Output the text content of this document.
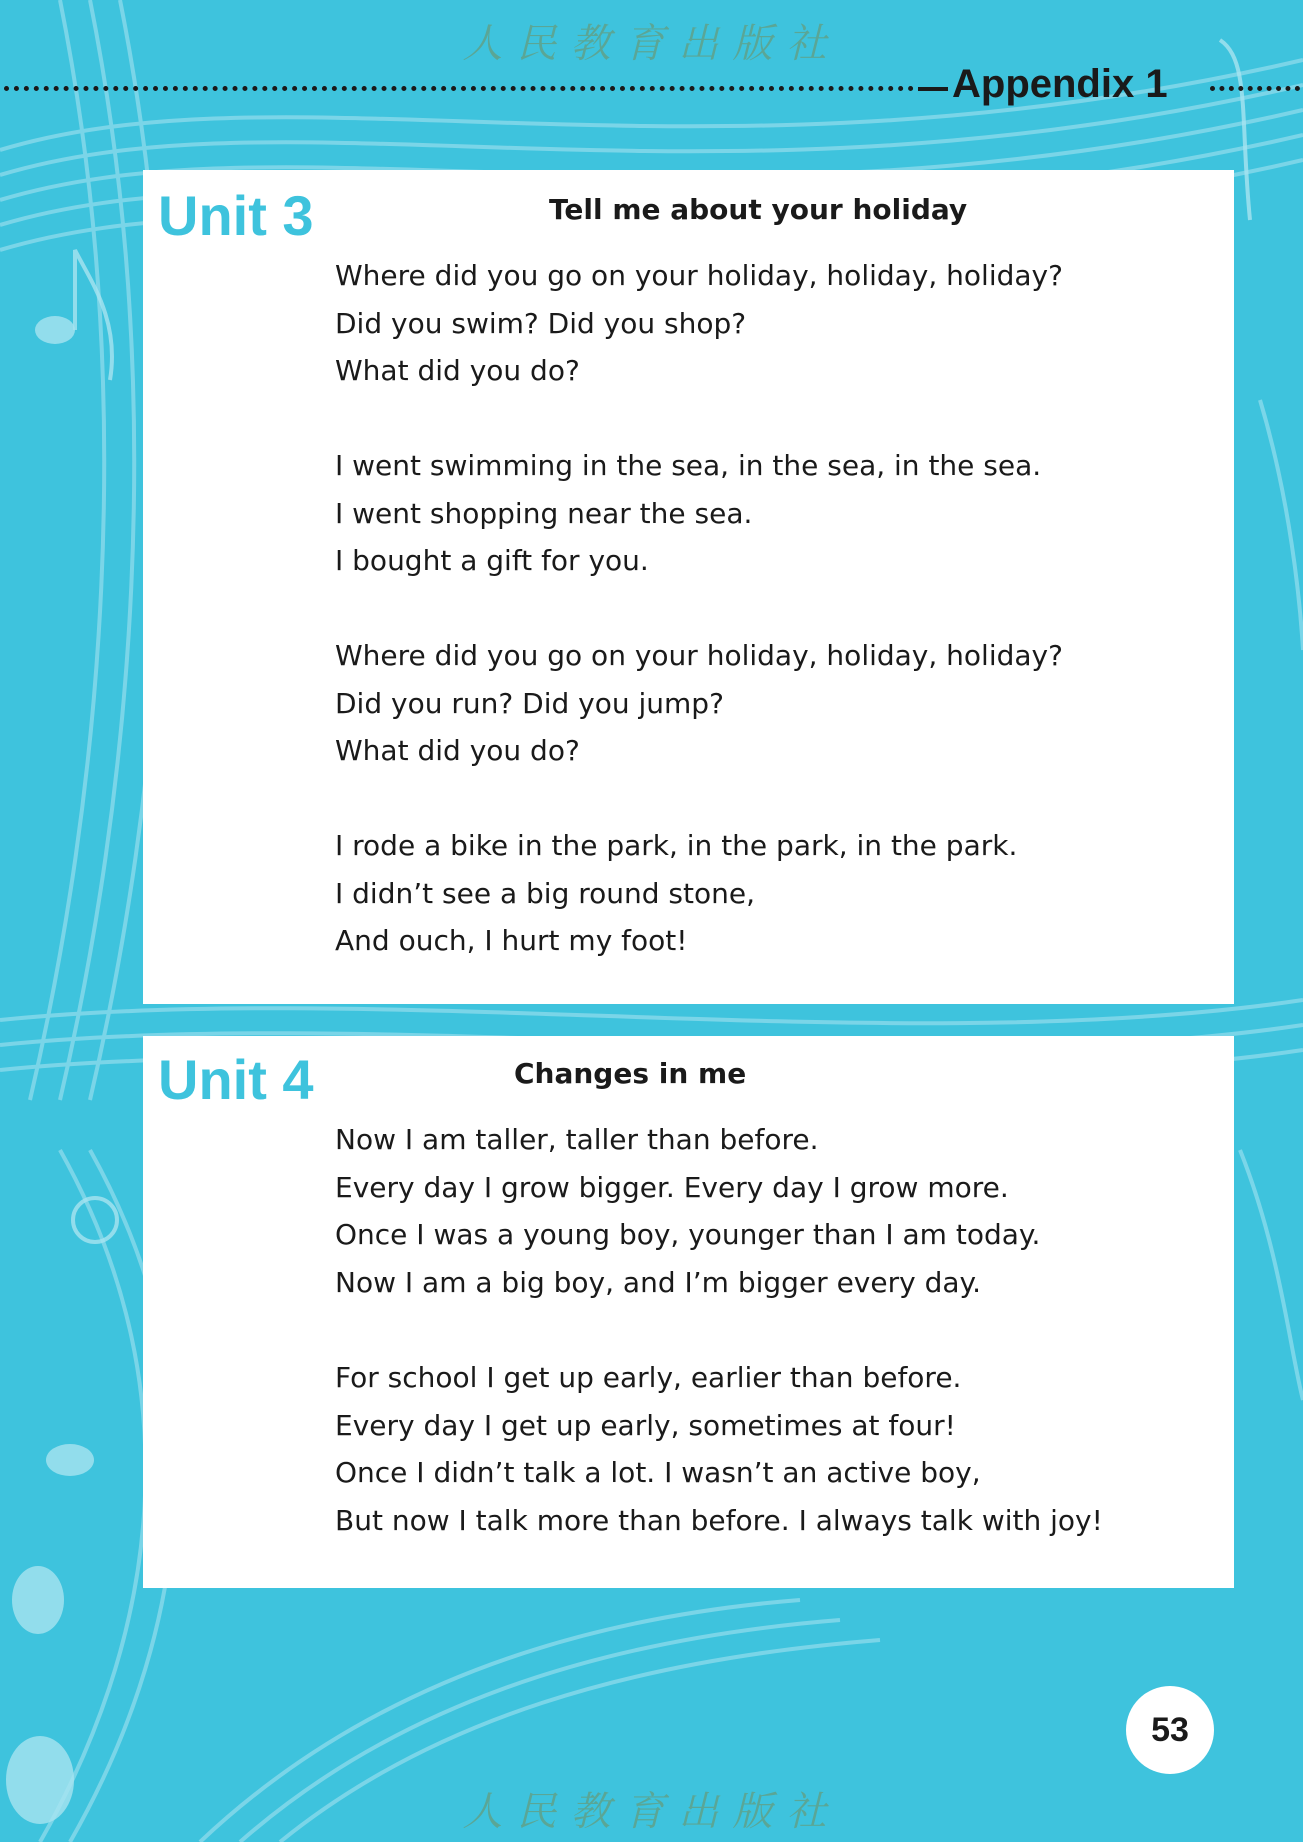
人民教育出版社
Appendix 1
Unit 3	Tell me about your holiday
Where did you go on your holiday, holiday, holiday?
Did you swim? Did you shop?
What did you do?
I went swimming in the sea, in the sea, in the sea.
I went shopping near the sea.
I bought a gift for you.
Where did you go on your holiday, holiday, holiday?
Did you run? Did you jump?
What did you do?
I rode a bike in the park, in the park, in the park.
I didn’t see a big round stone,
And ouch, I hurt my foot!
Unit 4	Changes in me
Now I am taller, taller than before.
Every day I grow bigger. Every day I grow more.
Once I was a young boy, younger than I am today.
Now I am a big boy, and I’m bigger every day.
For school I get up early, earlier than before.
Every day I get up early, sometimes at four!
Once I didn’t talk a lot. I wasn’t an active boy,
But now I talk more than before. I always talk with joy!
53
人民教育出版社
